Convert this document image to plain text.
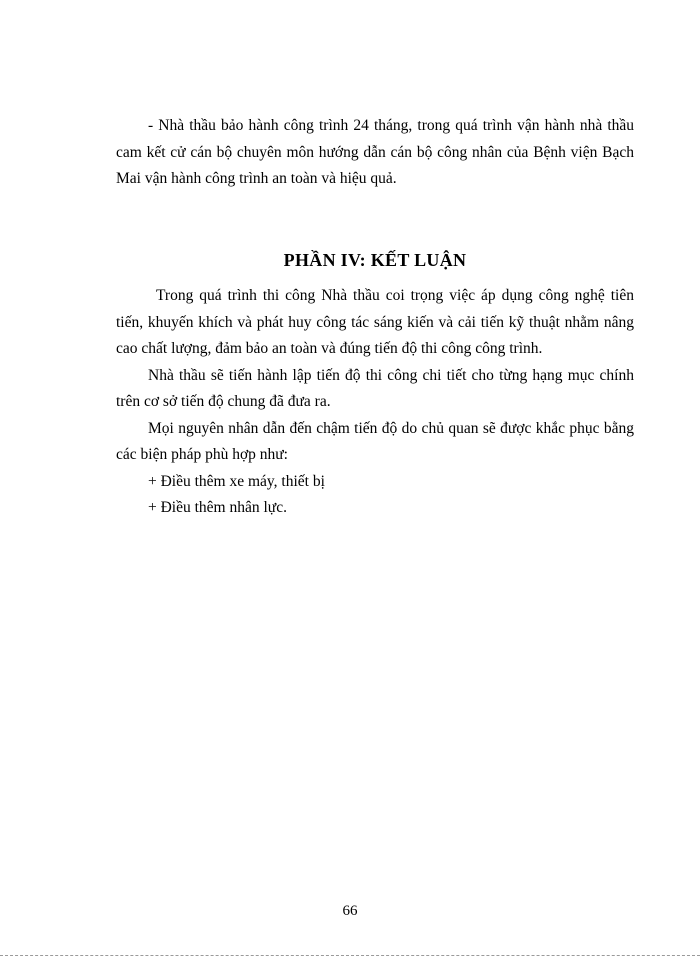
- Nhà thầu bảo hành công trình 24 tháng, trong quá trình vận hành nhà thầu cam kết cử cán bộ chuyên môn hướng dẫn cán bộ công nhân của Bệnh viện Bạch Mai vận hành công trình an toàn và hiệu quả.

PHẦN IV: KẾT LUẬN

Trong quá trình thi công Nhà thầu coi trọng việc áp dụng công nghệ tiên tiến, khuyến khích và phát huy công tác sáng kiến và cải tiến kỹ thuật nhằm nâng cao chất lượng, đảm bảo an toàn và đúng tiến độ thi công công trình.

Nhà thầu sẽ tiến hành lập tiến độ thi công chi tiết cho từng hạng mục chính trên cơ sở tiến độ chung đã đưa ra.

Mọi nguyên nhân dẫn đến chậm tiến độ do chủ quan sẽ được khắc phục bằng các biện pháp phù hợp như:

+ Điều thêm xe máy, thiết bị

+ Điều thêm nhân lực.

66
